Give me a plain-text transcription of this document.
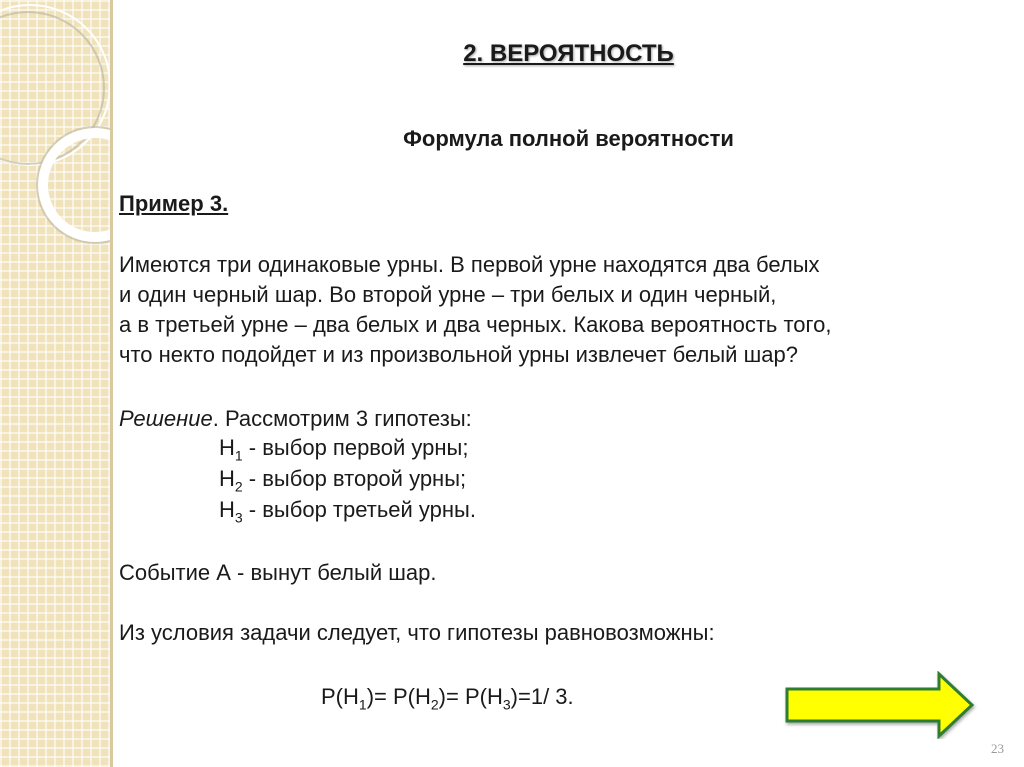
2. ВЕРОЯТНОСТЬ
Формула полной вероятности
Пример 3.
Имеются три одинаковые урны. В первой урне находятся два белых
и один черный шар. Во второй урне – три белых и один черный,
а в третьей урне – два белых и два черных. Какова вероятность того,
что некто подойдет и из произвольной урны извлечет белый шар?
Решение. Рассмотрим 3 гипотезы:
$H_1$ - выбор первой урны;
$H_2$ - выбор второй урны;
$H_3$ - выбор третьей урны.
Событие А - вынут белый шар.
Из условия задачи следует, что гипотезы равновозможны:
$P(H_1)= P(H_2)= P(H_3)=1/$ 3.
23
